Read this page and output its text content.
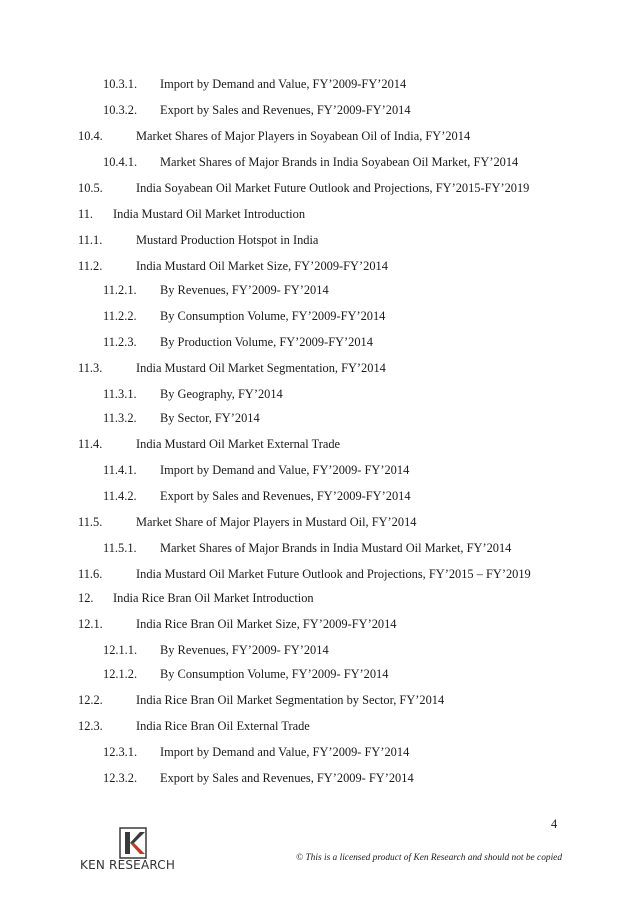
10.3.1. Import by Demand and Value, FY’2009-FY’2014
10.3.2. Export by Sales and Revenues, FY’2009-FY’2014
10.4.	Market Shares of Major Players in Soyabean Oil of India, FY’2014
10.4.1. Market Shares of Major Brands in India Soyabean Oil Market, FY’2014
10.5.	India Soyabean Oil Market Future Outlook and Projections, FY’2015-FY’2019
11. India Mustard Oil Market Introduction
11.1.	Mustard Production Hotspot in India
11.2.	India Mustard Oil Market Size, FY’2009-FY’2014
11.2.1. By Revenues, FY’2009- FY’2014
11.2.2. By Consumption Volume, FY’2009-FY’2014
11.2.3. By Production Volume, FY’2009-FY’2014
11.3.	India Mustard Oil Market Segmentation, FY’2014
11.3.1. By Geography, FY’2014
11.3.2. By Sector, FY’2014
11.4.	India Mustard Oil Market External Trade
11.4.1. Import by Demand and Value, FY’2009- FY’2014
11.4.2. Export by Sales and Revenues, FY’2009-FY’2014
11.5.	Market Share of Major Players in Mustard Oil, FY’2014
11.5.1. Market Shares of Major Brands in India Mustard Oil Market, FY’2014
11.6.	India Mustard Oil Market Future Outlook and Projections, FY’2015 – FY’2019
12. India Rice Bran Oil Market Introduction
12.1.	India Rice Bran Oil Market Size, FY’2009-FY’2014
12.1.1. By Revenues, FY’2009- FY’2014
12.1.2. By Consumption Volume, FY’2009- FY’2014
12.2.	India Rice Bran Oil Market Segmentation by Sector, FY’2014
12.3.	India Rice Bran Oil External Trade
12.3.1. Import by Demand and Value, FY’2009- FY’2014
12.3.2. Export by Sales and Revenues, FY’2009- FY’2014
4
KEN RESEARCH	© This is a licensed product of Ken Research and should not be copied
